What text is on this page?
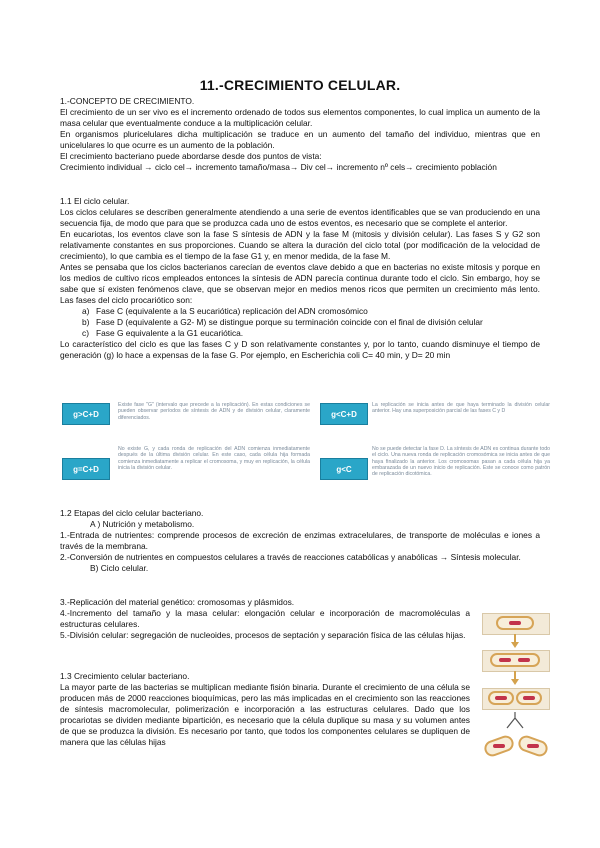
11.-CRECIMIENTO CELULAR.

1.-CONCEPTO DE CRECIMIENTO.

El crecimiento de un ser vivo es el incremento ordenado de todos sus elementos componentes, lo cual implica un aumento de la masa celular que eventualmente conduce a la multiplicación celular.

En organismos pluricelulares dicha multiplicación se traduce en un aumento del tamaño del individuo, mientras que en unicelulares lo que ocurre es un aumento de la población.

El crecimiento bacteriano puede abordarse desde dos puntos de vista:

Crecimiento individual → ciclo cel→ incremento tamaño/masa→ Div cel→ incremento nº cels→ crecimiento población

1.1 El ciclo celular.

Los ciclos celulares se describen generalmente atendiendo a una serie de eventos identificables que se van produciendo en una secuencia fija, de modo que para que se produzca cada uno de estos eventos, es necesario que se complete el anterior.

En eucariotas, los eventos clave son la fase S síntesis de ADN y la fase M (mitosis y división celular). Las fases S y G2 son relativamente constantes en sus proporciones. Cuando se altera la duración del ciclo total (por modificación de la velocidad de crecimiento), lo que cambia es el tiempo de la fase G1 y, en menor medida, de la fase M.

Antes se pensaba que los ciclos bacterianos carecían de eventos clave debido a que en bacterias no existe mitosis y porque en los medios de cultivo ricos empleados entonces la síntesis de ADN parecía continua durante todo el ciclo. Sin embargo, hoy se sabe que sí existen fenómenos clave, que se observan mejor en medios menos ricos que permiten un crecimiento más lento. Las fases del ciclo procariótico son:

a) Fase C (equivalente a la S eucariótica) replicación del ADN cromosómico
b) Fase D (equivalente a G2- M) se distingue porque su terminación coincide con el final de división celular
c) Fase G equivalente a la G1 eucariótica.

Lo característico del ciclo es que las fases C y D son relativamente constantes y, por lo tanto, cuando disminuye el tiempo de generación (g) lo hace a expensas de la fase G. Por ejemplo, en Escherichia coli C= 40 min, y D= 20 min

g>C+D
Existe fase "G" (intervalo que precede a la replicación). En estas condiciones se pueden observar períodos de síntesis de ADN y de división celular, claramente diferenciados.	g<C+D
La replicación se inicia antes de que haya terminado la división celular anterior. Hay una superposición parcial de las fases C y D
g=C+D
No existe G, y cada ronda de replicación del ADN comienza inmediatamente después de la última división celular. En este caso, cada célula hija formada comienza inmediatamente a replicar el cromosoma, y muy en replicación, la célula inicia la división celular.	g<C
No se puede detectar la fase D. La síntesis de ADN es continua durante todo el ciclo. Una nueva ronda de replicación cromosómica se inicia antes de que haya finalizado la anterior. Los cromosomas pasan a cada célula hija ya embarazada de un nuevo inicio de replicación. Este se conoce como patrón de replicación dicotómica.

1.2 Etapas del ciclo celular bacteriano.

A ) Nutrición y metabolismo.

1.-Entrada de nutrientes: comprende procesos de excreción de enzimas extracelulares, de transporte de moléculas e iones a través de la membrana.

2.-Conversión de nutrientes en compuestos celulares a través de reacciones catabólicas y anabólicas → Síntesis molecular.

B) Ciclo celular.

3.-Replicación del material genético: cromosomas y plásmidos.

4.-Incremento del tamaño y la masa celular: elongación celular e incorporación de macromoléculas a estructuras celulares.

5.-División celular: segregación de nucleoides, procesos de septación y separación física de las células hijas.

1.3 Crecimiento celular bacteriano.

La mayor parte de las bacterias se multiplican mediante fisión binaria. Durante el crecimiento de una célula se producen más de 2000 reacciones bioquímicas, pero las más implicadas en el crecimiento son las reacciones de síntesis macromolecular, polimerización e incorporación a las estructuras celulares. Dado que los procariotas se dividen mediante bipartición, es necesario que la célula duplique su masa y su volumen antes de que se produzca la división. Es necesario por tanto, que todos los componentes celulares se dupliquen de manera que las células hijas
